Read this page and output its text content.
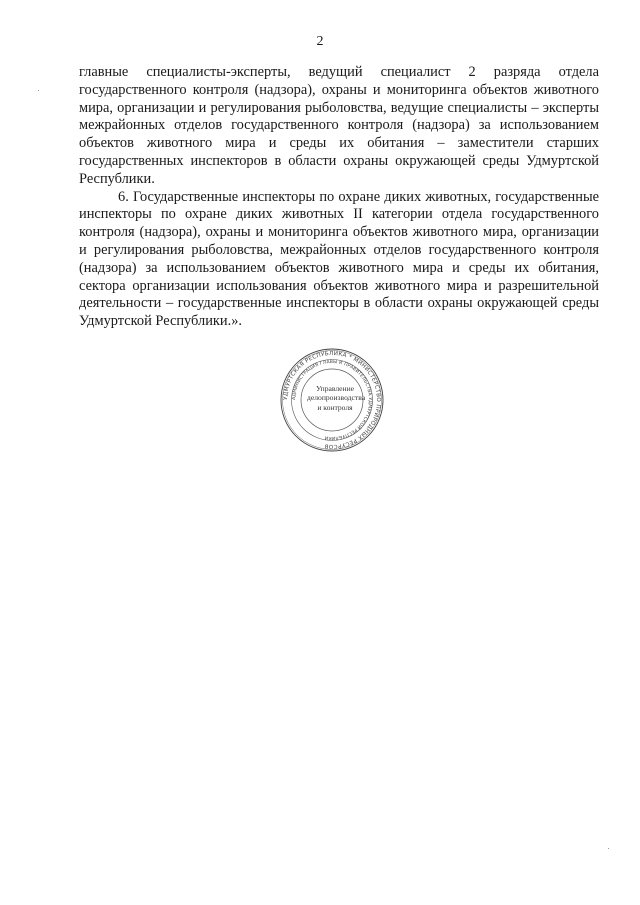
2

главные специалисты-эксперты, ведущий специалист 2 разряда отдела государственного контроля (надзора), охраны и мониторинга объектов животного мира, организации и регулирования рыболовства, ведущие специалисты – эксперты межрайонных отделов государственного контроля (надзора) за использованием объектов животного мира и среды их обитания – заместители старших государственных инспекторов в области охраны окружающей среды Удмуртской Республики.

6. Государственные инспекторы по охране диких животных, государственные инспекторы по охране диких животных II категории отдела государственного контроля (надзора), охраны и мониторинга объектов животного мира, организации и регулирования рыболовства, межрайонных отделов государственного контроля (надзора) за использованием объектов животного мира и среды их обитания, сектора организации использования объектов животного мира и разрешительной деятельности – государственные инспекторы в области охраны окружающей среды Удмуртской Республики.».

УДМУРТСКАЯ РЕСПУБЛИКА * МИНИСТЕРСТВО ПРИРОДНЫХ РЕСУРСОВ
АДМИНИСТРАЦИЯ ГЛАВЫ И ПРАВИТЕЛЬСТВА УДМУРТСКОЙ РЕСПУБЛИКИ
Управление
делопроизводства
и контроля
